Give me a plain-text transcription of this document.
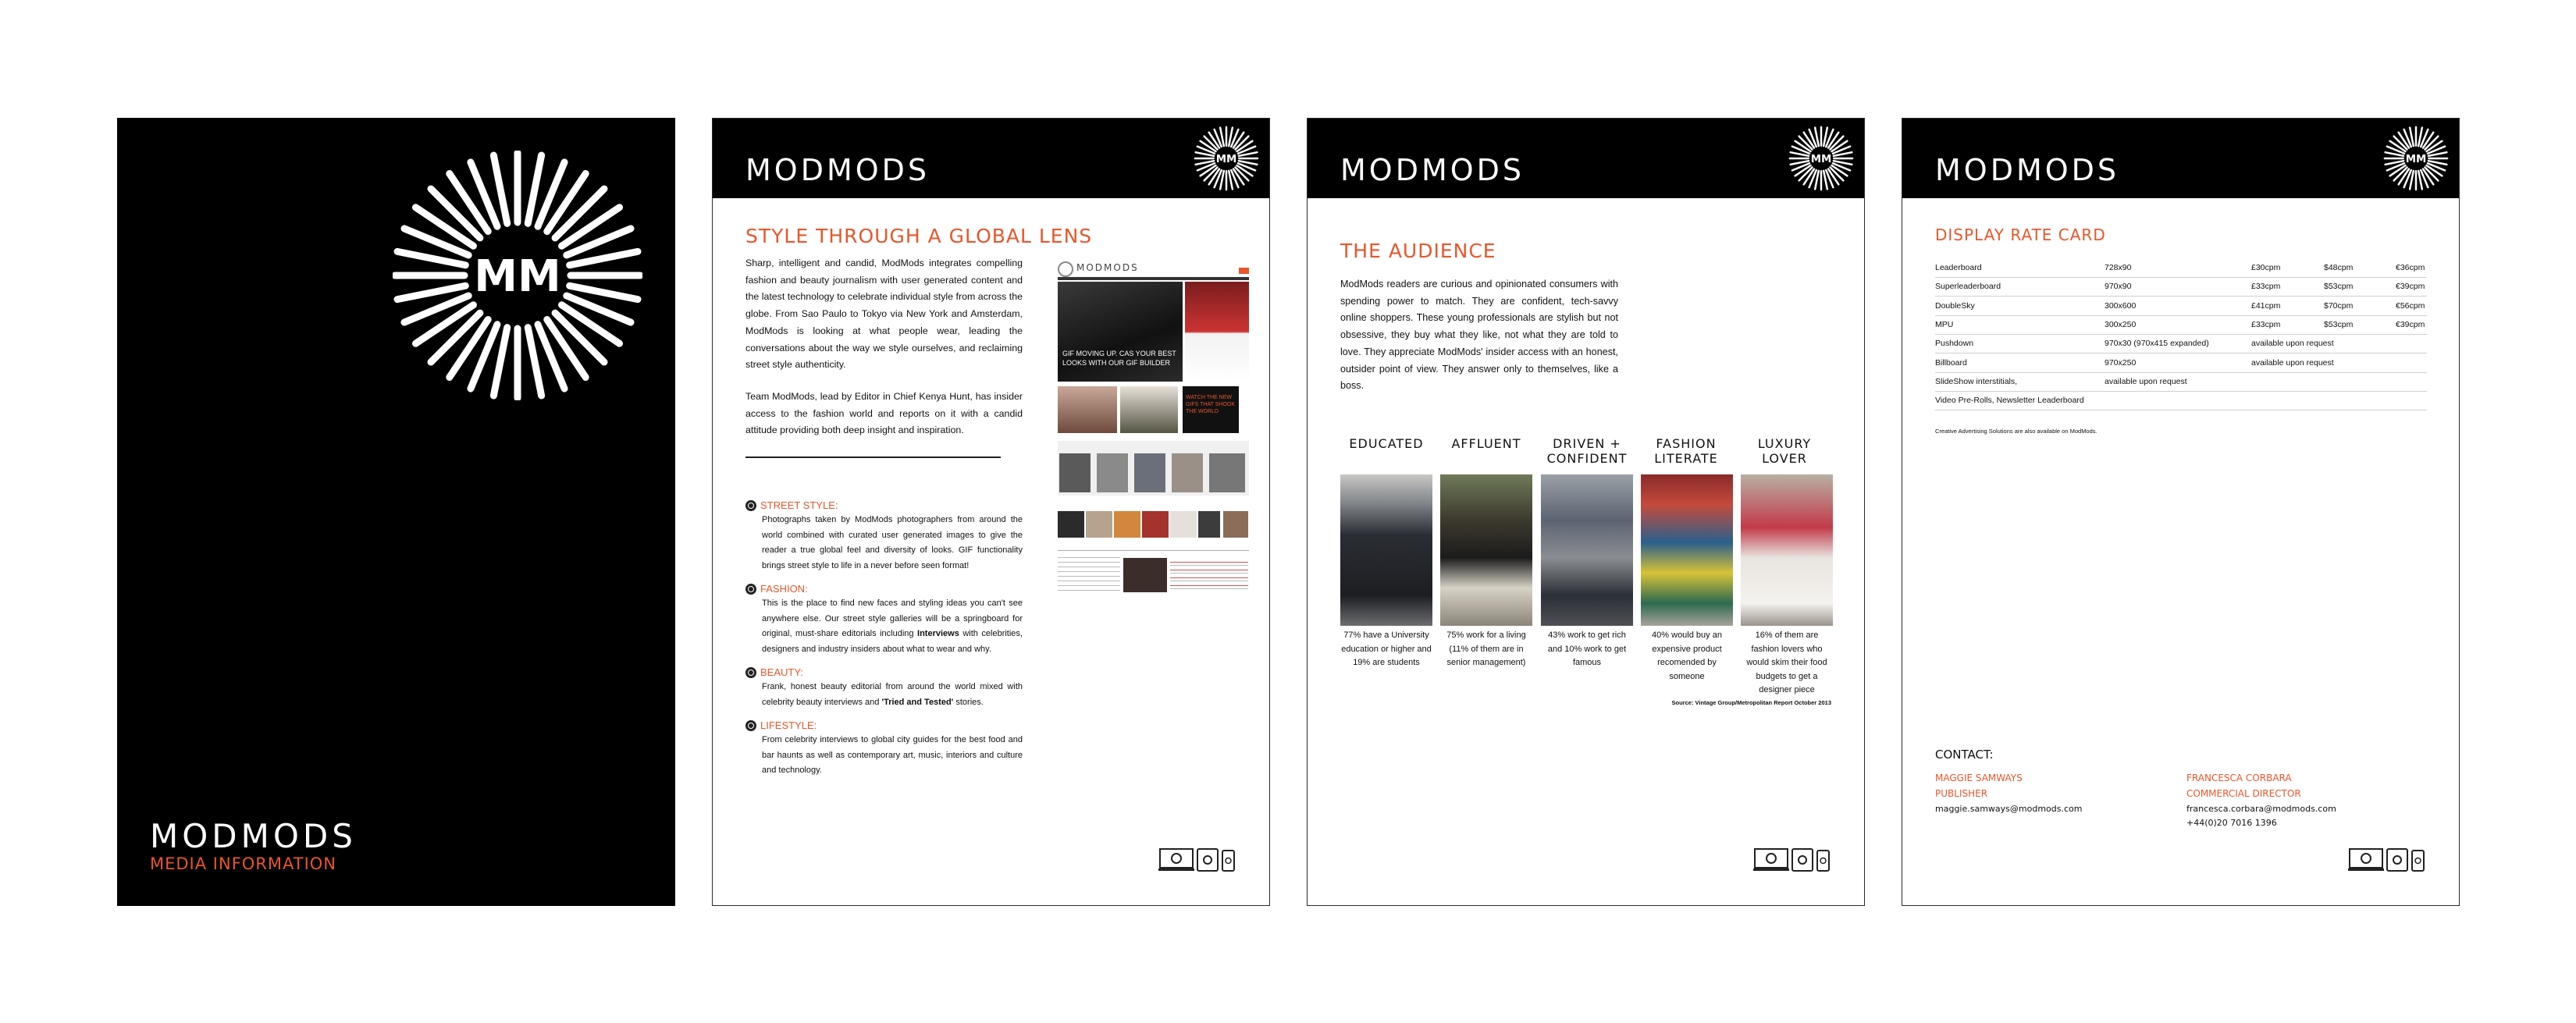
MM
MODMODS
MEDIA INFORMATION
MODMODS	MM
STYLE THROUGH A GLOBAL LENS
Sharp, intelligent and candid, ModMods integrates compelling fashion and beauty journalism with user generated content and the latest technology to celebrate individual style from across the globe. From Sao Paulo to Tokyo via New York and Amsterdam, ModMods is looking at what people wear, leading the conversations about the way we style ourselves, and reclaiming street style authenticity.
Team ModMods, lead by Editor in Chief Kenya Hunt, has insider access to the fashion world and reports on it with a candid attitude providing both deep insight and inspiration.
STREET STYLE:
Photographs taken by ModMods photographers from around the world combined with curated user generated images to give the reader a true global feel and diversity of looks. GIF functionality brings street style to life in a never before seen format!
FASHION:
This is the place to find new faces and styling ideas you can't see anywhere else. Our street style galleries will be a springboard for original, must-share editorials including Interviews with celebrities, designers and industry insiders about what to wear and why.
BEAUTY:
Frank, honest beauty editorial from around the world mixed with celebrity beauty interviews and 'Tried and Tested' stories.
LIFESTYLE:
From celebrity interviews to global city guides for the best food and bar haunts as well as contemporary art, music, interiors and culture and technology.
MODMODS
GIF MOVING UP. CAS YOUR BEST LOOKS WITH OUR GIF BUILDER
WATCH THE NEW GIFS THAT SHOOK THE WORLD
MODMODS	MM
THE AUDIENCE
ModMods readers are curious and opinionated consumers with spending power to match. They are confident, tech-savvy online shoppers. These young professionals are stylish but not obsessive, they buy what they like, not what they are told to love. They appreciate ModMods' insider access with an honest, outsider point of view. They answer only to themselves, like a boss.
EDUCATED	AFFLUENT	DRIVEN + CONFIDENT
FASHION LITERATE
LUXURY LOVER
77% have a University education or higher and 19% are students
75% work for a living (11% of them are in senior management)
43% work to get rich and 10% work to get famous
40% would buy an expensive product recomended by someone
16% of them are fashion lovers who would skim their food budgets to get a designer piece
Source: Vintage Group/Metropolitan Report October 2013
MODMODS	MM
DISPLAY RATE CARD
Leaderboard	728x90	£30cpm	$48cpm	€36cpm
Superleaderboard	970x90	£33cpm	$53cpm	€39cpm
DoubleSky	300x600	£41cpm	$70cpm	€56cpm
MPU	300x250	£33cpm	$53cpm	€39cpm
Pushdown	970x30 (970x415 expanded)	available upon request
Billboard	970x250	available upon request
SlideShow interstitials,	available upon request
Video Pre-Rolls, Newsletter Leaderboard
Creative Advertising Solutions are also available on ModMods.
CONTACT:
MAGGIE SAMWAYS
PUBLISHER
maggie.samways@modmods.com
FRANCESCA CORBARA
COMMERCIAL DIRECTOR
francesca.corbara@modmods.com
+44(0)20 7016 1396
